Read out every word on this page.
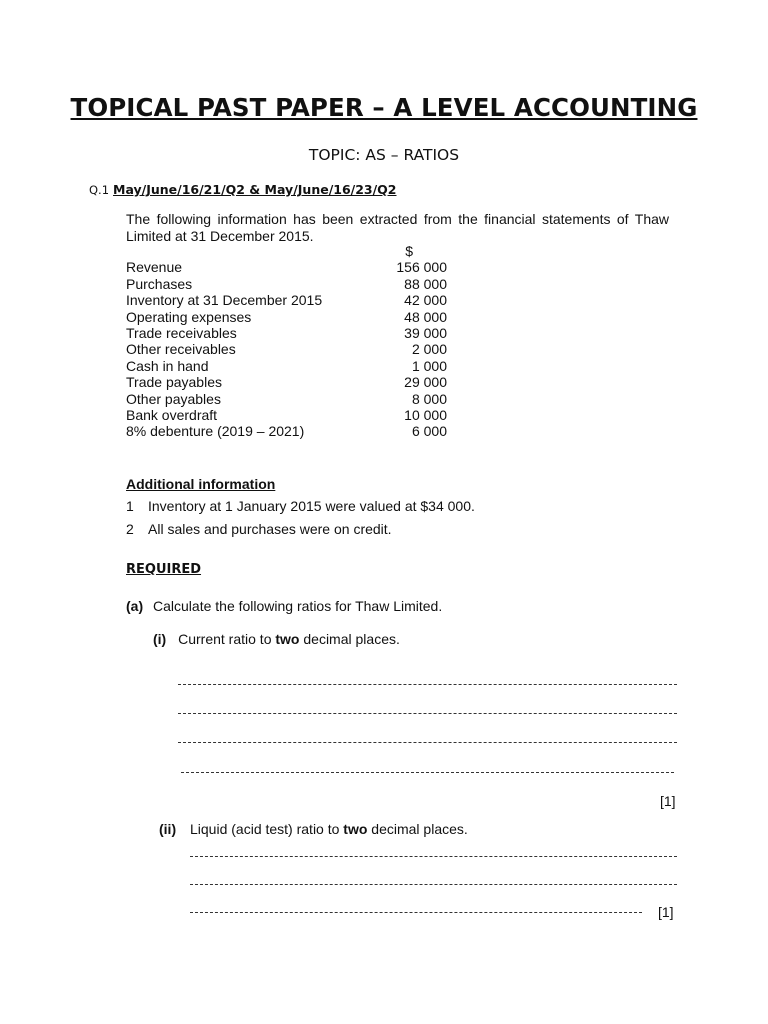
TOPICAL PAST PAPER – A LEVEL ACCOUNTING
TOPIC: AS – RATIOS
Q.1 May/June/16/21/Q2 & May/June/16/23/Q2
The following information has been extracted from the financial statements of Thaw Limited at 31 December 2015.
$
Revenue	156 000
Purchases	88 000
Inventory at 31 December 2015	42 000
Operating expenses	48 000
Trade receivables	39 000
Other receivables	2 000
Cash in hand	1 000
Trade payables	29 000
Other payables	8 000
Bank overdraft	10 000
8% debenture (2019 – 2021)	6 000
Additional information
1 Inventory at 1 January 2015 were valued at $34 000.
2 All sales and purchases were on credit.
REQUIRED
(a) Calculate the following ratios for Thaw Limited.
(i) Current ratio to two decimal places.
[1]
(ii) Liquid (acid test) ratio to two decimal places.
[1]
